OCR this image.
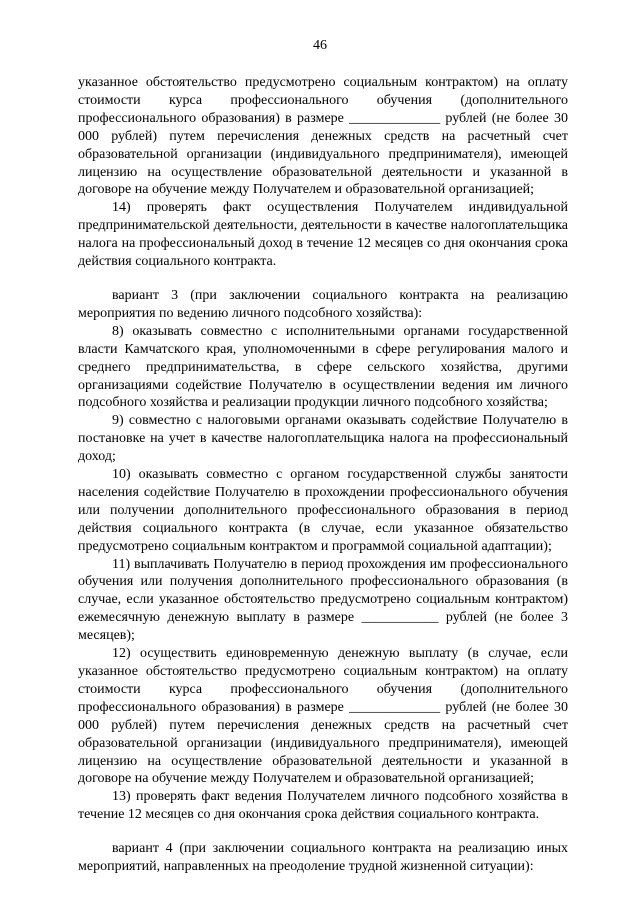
46

указанное обстоятельство предусмотрено социальным контрактом) на оплату стоимости курса профессионального обучения (дополнительного профессионального образования) в размере _____________ рублей (не более 30 000 рублей) путем перечисления денежных средств на расчетный счет образовательной организации (индивидуального предпринимателя), имеющей лицензию на осуществление образовательной деятельности и указанной в договоре на обучение между Получателем и образовательной организацией;

14) проверять факт осуществления Получателем индивидуальной предпринимательской деятельности, деятельности в качестве налогоплательщика налога на профессиональный доход в течение 12 месяцев со дня окончания срока действия социального контракта.

вариант 3 (при заключении социального контракта на реализацию мероприятия по ведению личного подсобного хозяйства):

8) оказывать совместно с исполнительными органами государственной власти Камчатского края, уполномоченными в сфере регулирования малого и среднего предпринимательства, в сфере сельского хозяйства, другими организациями содействие Получателю в осуществлении ведения им личного подсобного хозяйства и реализации продукции личного подсобного хозяйства;

9) совместно с налоговыми органами оказывать содействие Получателю в постановке на учет в качестве налогоплательщика налога на профессиональный доход;

10) оказывать совместно с органом государственной службы занятости населения содействие Получателю в прохождении профессионального обучения или получении дополнительного профессионального образования в период действия социального контракта (в случае, если указанное обязательство предусмотрено социальным контрактом и программой социальной адаптации);

11) выплачивать Получателю в период прохождения им профессионального обучения или получения дополнительного профессионального образования (в случае, если указанное обстоятельство предусмотрено социальным контрактом) ежемесячную денежную выплату в размере ___________ рублей (не более 3 месяцев);

12) осуществить единовременную денежную выплату (в случае, если указанное обстоятельство предусмотрено социальным контрактом) на оплату стоимости курса профессионального обучения (дополнительного профессионального образования) в размере _____________ рублей (не более 30 000 рублей) путем перечисления денежных средств на расчетный счет образовательной организации (индивидуального предпринимателя), имеющей лицензию на осуществление образовательной деятельности и указанной в договоре на обучение между Получателем и образовательной организацией;

13) проверять факт ведения Получателем личного подсобного хозяйства в течение 12 месяцев со дня окончания срока действия социального контракта.

вариант 4 (при заключении социального контракта на реализацию иных мероприятий, направленных на преодоление трудной жизненной ситуации):
